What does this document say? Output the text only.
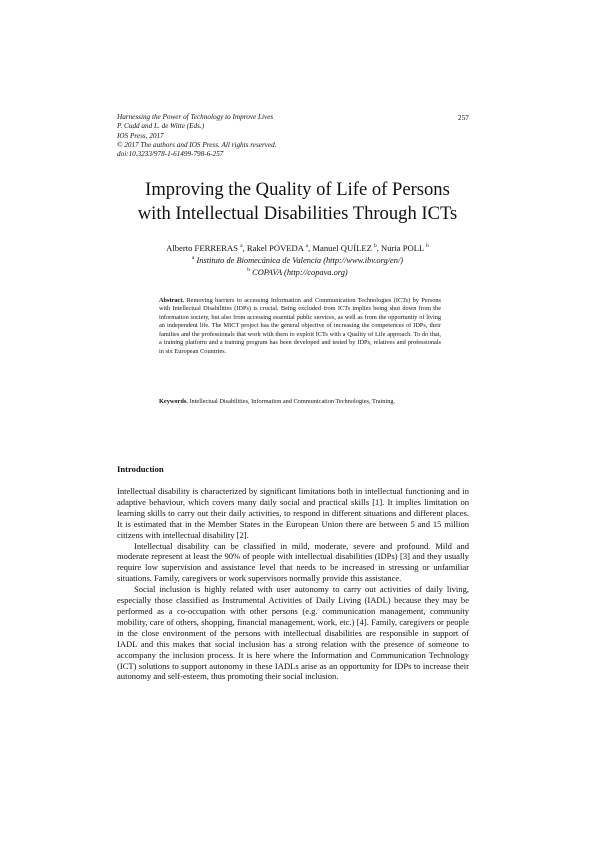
Harnessing the Power of Technology to Improve Lives
P. Cudd and L. de Witte (Eds.)
IOS Press, 2017
© 2017 The authors and IOS Press. All rights reserved.
doi:10.3233/978-1-61499-798-6-257
257
Improving the Quality of Life of Persons
with Intellectual Disabilities Through ICTs
Alberto FERRERAS $^a$, Rakel POVEDA $^a$, Manuel QUÍLEZ $^b$, Nuria POLL $^b$
$^a$ Instituto de Biomecánica de Valencia (http://www.ibv.org/en/)
$^b$ COPAVA (http://copava.org)
Abstract. Removing barriers to accessing Information and Communication Technologies (ICTs) by Persons with Intellectual Disabilities (IDPs) is crucial. Being excluded from ICTs implies being shut down from the information society, but also from accessing essential public services, as well as from the opportunity of living an independent life. The MICT project has the general objective of increasing the competences of IDPs, their families and the professionals that work with them to exploit ICTs with a Quality of Life approach. To do that, a training platform and a training program has been developed and tested by IDPs, relatives and professionals in six European Countries.
Keywords. Intellectual Disabilities, Information and Communication Technologies, Training.
Introduction

Intellectual disability is characterized by significant limitations both in intellectual functioning and in adaptive behaviour, which covers many daily social and practical skills [1]. It implies limitation on learning skills to carry out their daily activities, to respond in different situations and different places. It is estimated that in the Member States in the European Union there are between 5 and 15 million citizens with intellectual disability [2].

Intellectual disability can be classified in mild, moderate, severe and profound. Mild and moderate represent at least the 90% of people with intellectual disabilities (IDPs) [3] and they usually require low supervision and assistance level that needs to be increased in stressing or unfamiliar situations. Family, caregivers or work supervisors normally provide this assistance.

Social inclusion is highly related with user autonomy to carry out activities of daily living, especially those classified as Instrumental Activities of Daily Living (IADL) because they may be performed as a co-occupation with other persons (e.g. communication management, community mobility, care of others, shopping, financial management, work, etc.) [4]. Family, caregivers or people in the close environment of the persons with intellectual disabilities are responsible in support of IADL and this makes that social inclusion has a strong relation with the presence of someone to accompany the inclusion process. It is here where the Information and Communication Technology (ICT) solutions to support autonomy in these IADLs arise as an opportunity for IDPs to increase their autonomy and self-esteem, thus promoting their social inclusion.
